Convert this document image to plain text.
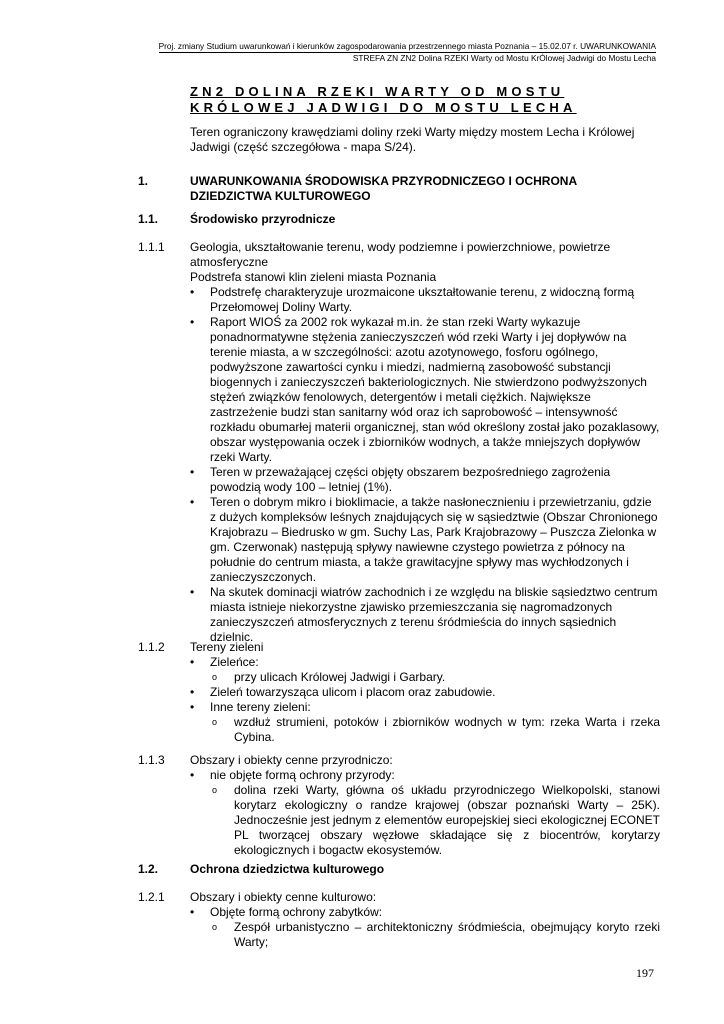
Proj. zmiany Studium uwarunkowań i kierunków zagospodarowania przestrzennego miasta Poznania – 15.02.07 r. UWARUNKOWANIA
STREFA ZN ZN2 Dolina RZEKI Warty od Mostu KrÓlowej Jadwigi do Mostu Lecha
ZN2 DOLINA RZEKI WARTY OD MOSTU KRÓLOWEJ JADWIGI DO MOSTU LECHA
Teren ograniczony krawędziami doliny rzeki Warty między mostem Lecha i Królowej Jadwigi (część szczegółowa - mapa S/24).
1.	UWARUNKOWANIA ŚRODOWISKA PRZYRODNICZEGO I OCHRONA DZIEDZICTWA KULTUROWEGO
1.1.	Środowisko przyrodnicze
1.1.1 Geologia, ukształtowanie terenu, wody podziemne i powierzchniowe, powietrze atmosferyczne
Podstrefa stanowi klin zieleni miasta Poznania
• Podstrefę charakteryzuje urozmaicone ukształtowanie terenu, z widoczną formą Przełomowej Doliny Warty.
• Raport WIOŚ za 2002 rok wykazał m.in. że stan rzeki Warty wykazuje ponadnormatywne stężenia zanieczyszczeń wód rzeki Warty i jej dopływów na terenie miasta, a w szczególności: azotu azotynowego, fosforu ogólnego, podwyższone zawartości cynku i miedzi, nadmierną zasobowość substancji biogennych i zanieczyszczeń bakteriologicznych. Nie stwierdzono podwyższonych stężeń związków fenolowych, detergentów i metali ciężkich. Największe zastrzeżenie budzi stan sanitarny wód oraz ich saprobowość – intensywność rozkładu obumarłej materii organicznej, stan wód określony został jako pozaklasowy, obszar występowania oczek i zbiorników wodnych, a także mniejszych dopływów rzeki Warty.
• Teren w przeważającej części objęty obszarem bezpośredniego zagrożenia powodzią wody 100 – letniej (1%).
• Teren o dobrym mikro i bioklimacie, a także nasłonecznieniu i przewietrzaniu, gdzie z dużych kompleksów leśnych znajdujących się w sąsiedztwie (Obszar Chronionego Krajobrazu – Biedrusko w gm. Suchy Las, Park Krajobrazowy – Puszcza Zielonka w gm. Czerwonak) następują spływy nawiewne czystego powietrza z północy na południe do centrum miasta, a także grawitacyjne spływy mas wychłodzonych i zanieczyszczonych.
• Na skutek dominacji wiatrów zachodnich i ze względu na bliskie sąsiedztwo centrum miasta istnieje niekorzystne zjawisko przemieszczania się nagromadzonych zanieczyszczeń atmosferycznych z terenu śródmieścia do innych sąsiednich dzielnic.
1.1.2 Tereny zieleni
• Zieleńce:
o przy ulicach Królowej Jadwigi i Garbary.
• Zieleń towarzysząca ulicom i placom oraz zabudowie.
• Inne tereny zieleni:
o wzdłuż strumieni, potoków i zbiorników wodnych w tym: rzeka Warta i rzeka Cybina.
1.1.3 Obszary i obiekty cenne przyrodniczo:
• nie objęte formą ochrony przyrody:
o dolina rzeki Warty, główna oś układu przyrodniczego Wielkopolski, stanowi korytarz ekologiczny o randze krajowej (obszar poznański Warty – 25K). Jednocześnie jest jednym z elementów europejskiej sieci ekologicznej ECONET PL tworzącej obszary węzłowe składające się z biocentrów, korytarzy ekologicznych i bogactw ekosystemów.
1.2.	Ochrona dziedzictwa kulturowego
1.2.1 Obszary i obiekty cenne kulturowo:
• Objęte formą ochrony zabytków:
o Zespół urbanistyczno – architektoniczny śródmieścia, obejmujący koryto rzeki Warty;
197
